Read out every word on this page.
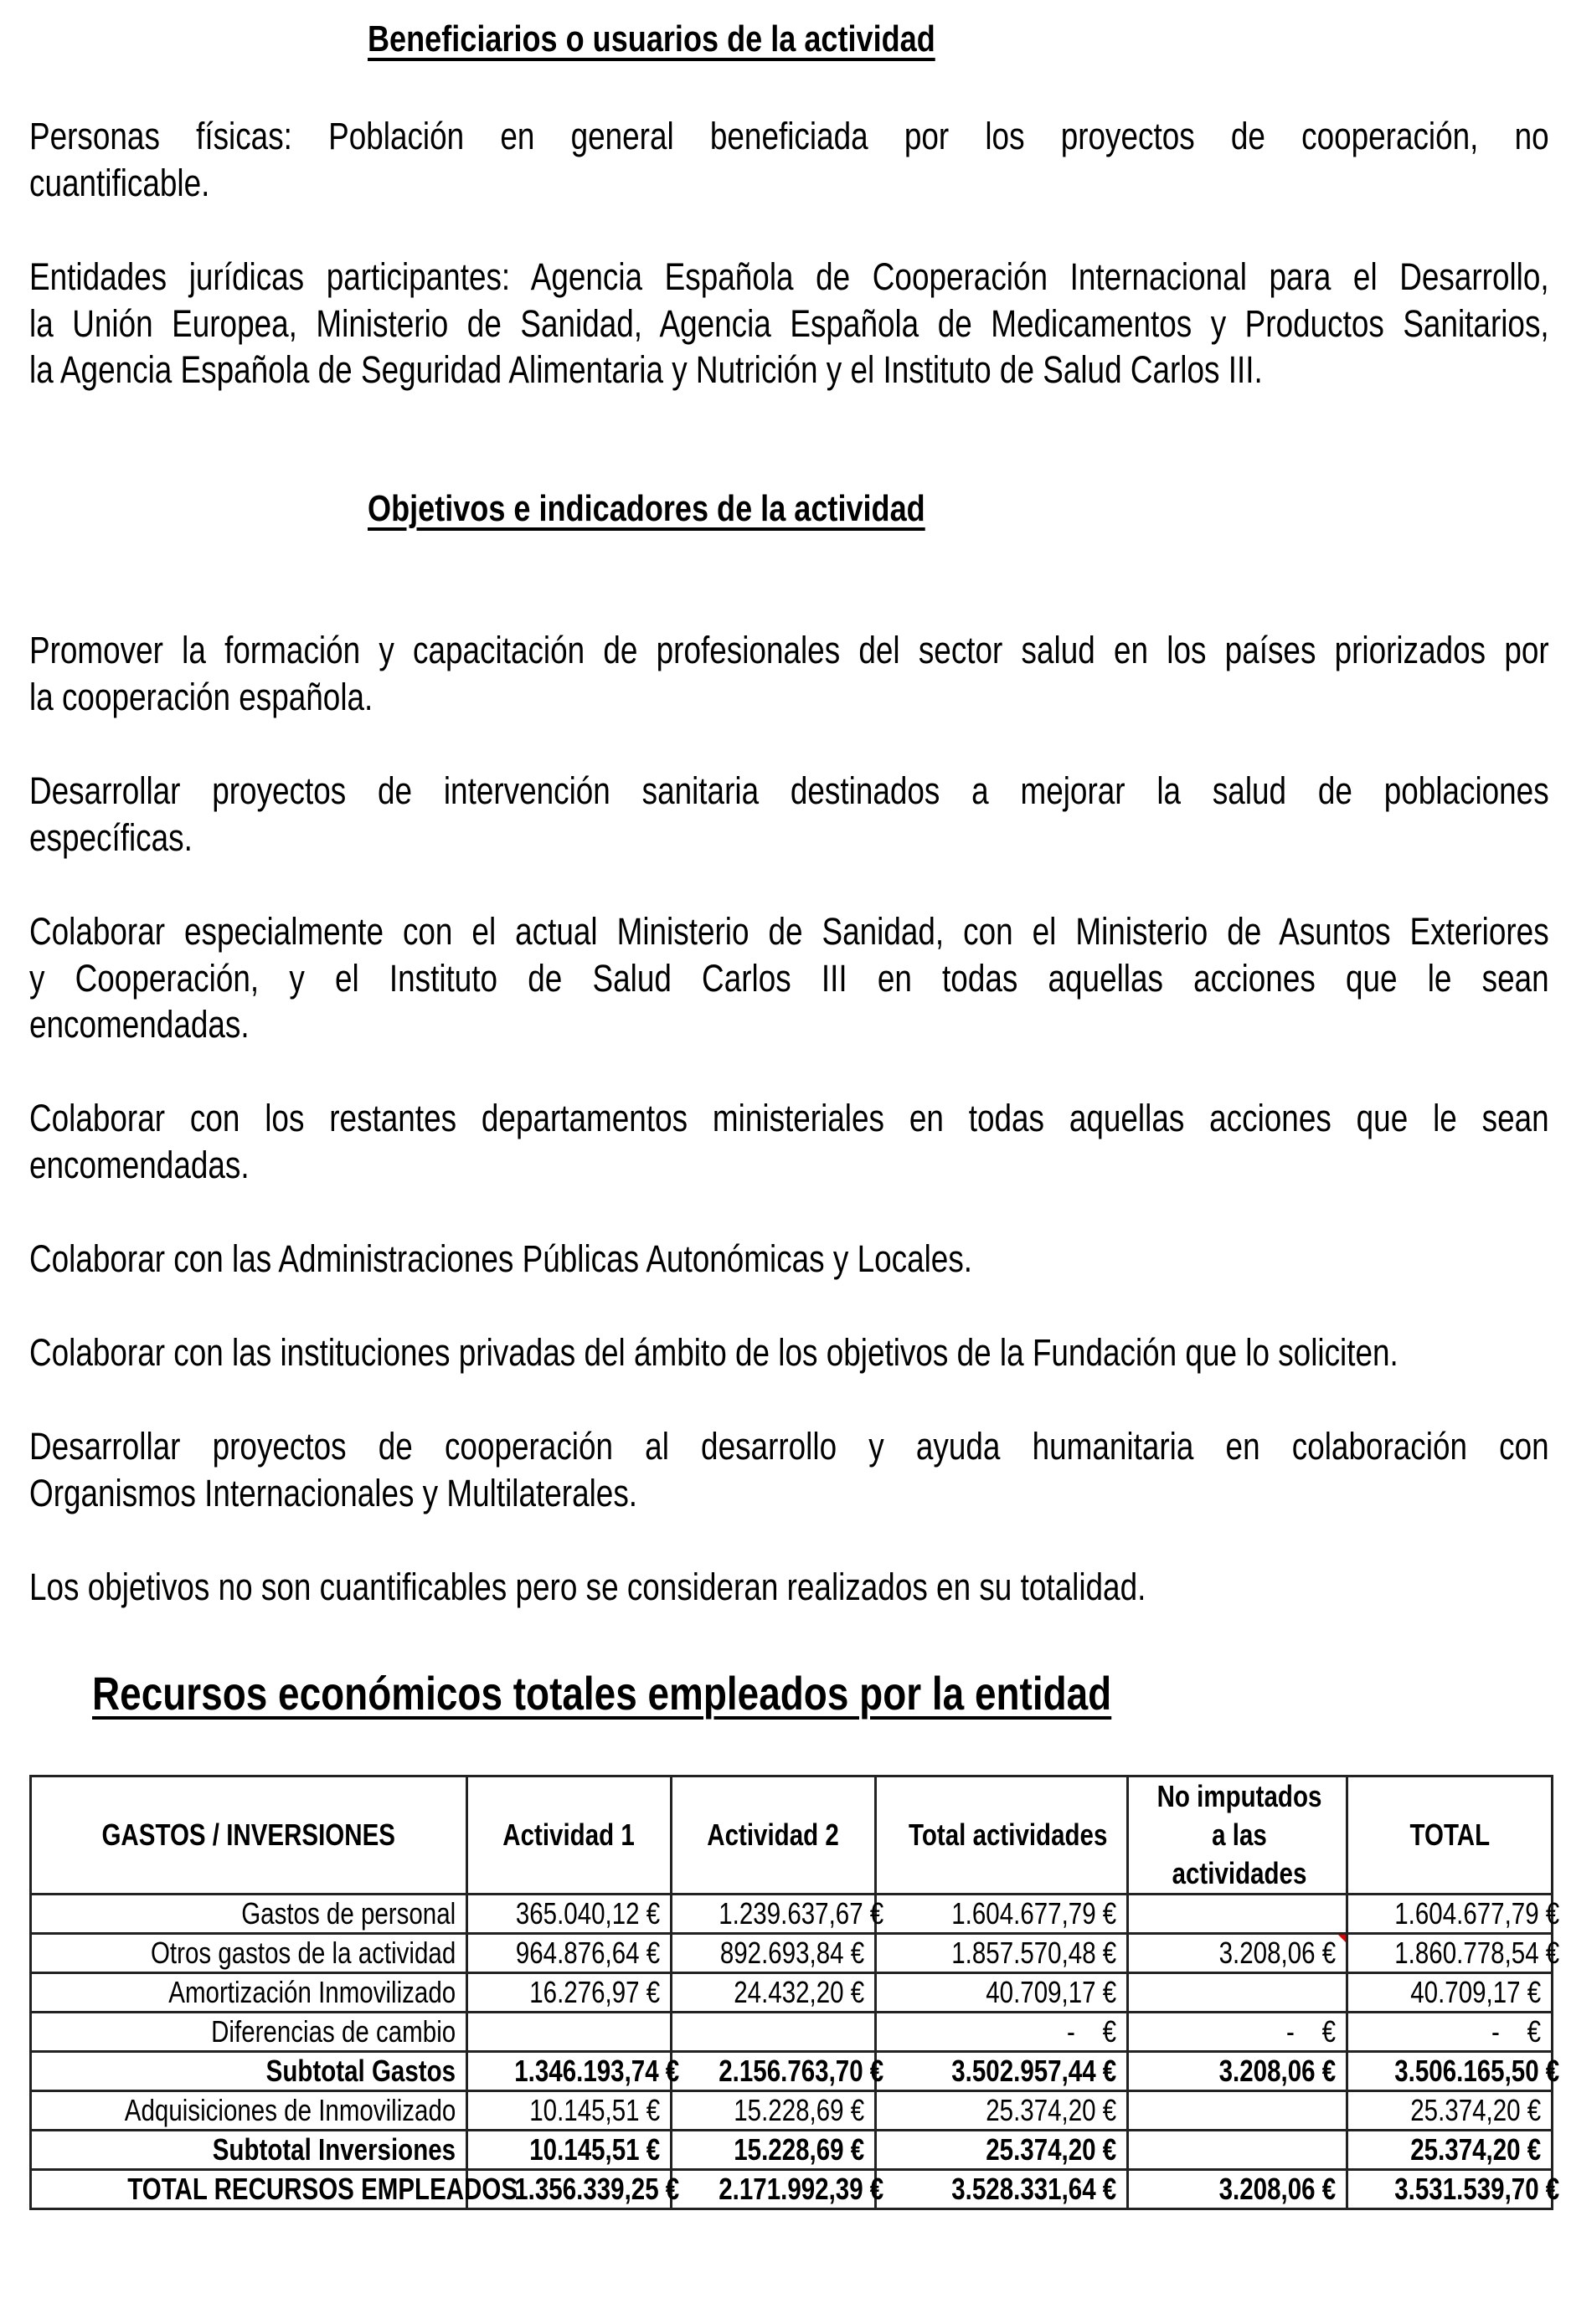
Beneficiarios o usuarios de la actividad
Objetivos e indicadores de la actividad
Recursos económicos totales empleados por la entidad
Personas físicas: Población en general beneficiada por los proyectos de cooperación, no
cuantificable.
Entidades jurídicas participantes: Agencia Española de Cooperación Internacional para el Desarrollo,
la Unión Europea, Ministerio de Sanidad, Agencia Española de Medicamentos y Productos Sanitarios,
la Agencia Española de Seguridad Alimentaria y Nutrición y el Instituto de Salud Carlos III.
Promover la formación y capacitación de profesionales del sector salud en los países priorizados por
la cooperación española.
Desarrollar proyectos de intervención sanitaria destinados a mejorar la salud de poblaciones
específicas.
Colaborar especialmente con el actual Ministerio de Sanidad, con el Ministerio de Asuntos Exteriores
y Cooperación, y el Instituto de Salud Carlos III en todas aquellas acciones que le sean
encomendadas.
Colaborar con los restantes departamentos ministeriales en todas aquellas acciones que le sean
encomendadas.
Colaborar con las Administraciones Públicas Autonómicas y Locales.
Colaborar con las instituciones privadas del ámbito de los objetivos de la Fundación que lo soliciten.
Desarrollar proyectos de cooperación al desarrollo y ayuda humanitaria en colaboración con
Organismos Internacionales y Multilaterales.
Los objetivos no son cuantificables pero se consideran realizados en su totalidad.
GASTOS / INVERSIONES	Actividad 1	Actividad 2	Total actividades	No imputados a las actividades	TOTAL
Gastos de personal	365.040,12 €	1.239.637,67 €	1.604.677,79 €		1.604.677,79 €
Otros gastos de la actividad	964.876,64 €	892.693,84 €	1.857.570,48 €	3.208,06 €	1.860.778,54 €
Amortización Inmovilizado	16.276,97 €	24.432,20 €	40.709,17 €		40.709,17 €
Diferencias de cambio			-    €	-    €	-    €
Subtotal Gastos	1.346.193,74 €	2.156.763,70 €	3.502.957,44 €	3.208,06 €	3.506.165,50 €
Adquisiciones de Inmovilizado	10.145,51 €	15.228,69 €	25.374,20 €		25.374,20 €
Subtotal Inversiones	10.145,51 €	15.228,69 €	25.374,20 €		25.374,20 €
TOTAL RECURSOS EMPLEADOS	1.356.339,25 €	2.171.992,39 €	3.528.331,64 €	3.208,06 €	3.531.539,70 €
